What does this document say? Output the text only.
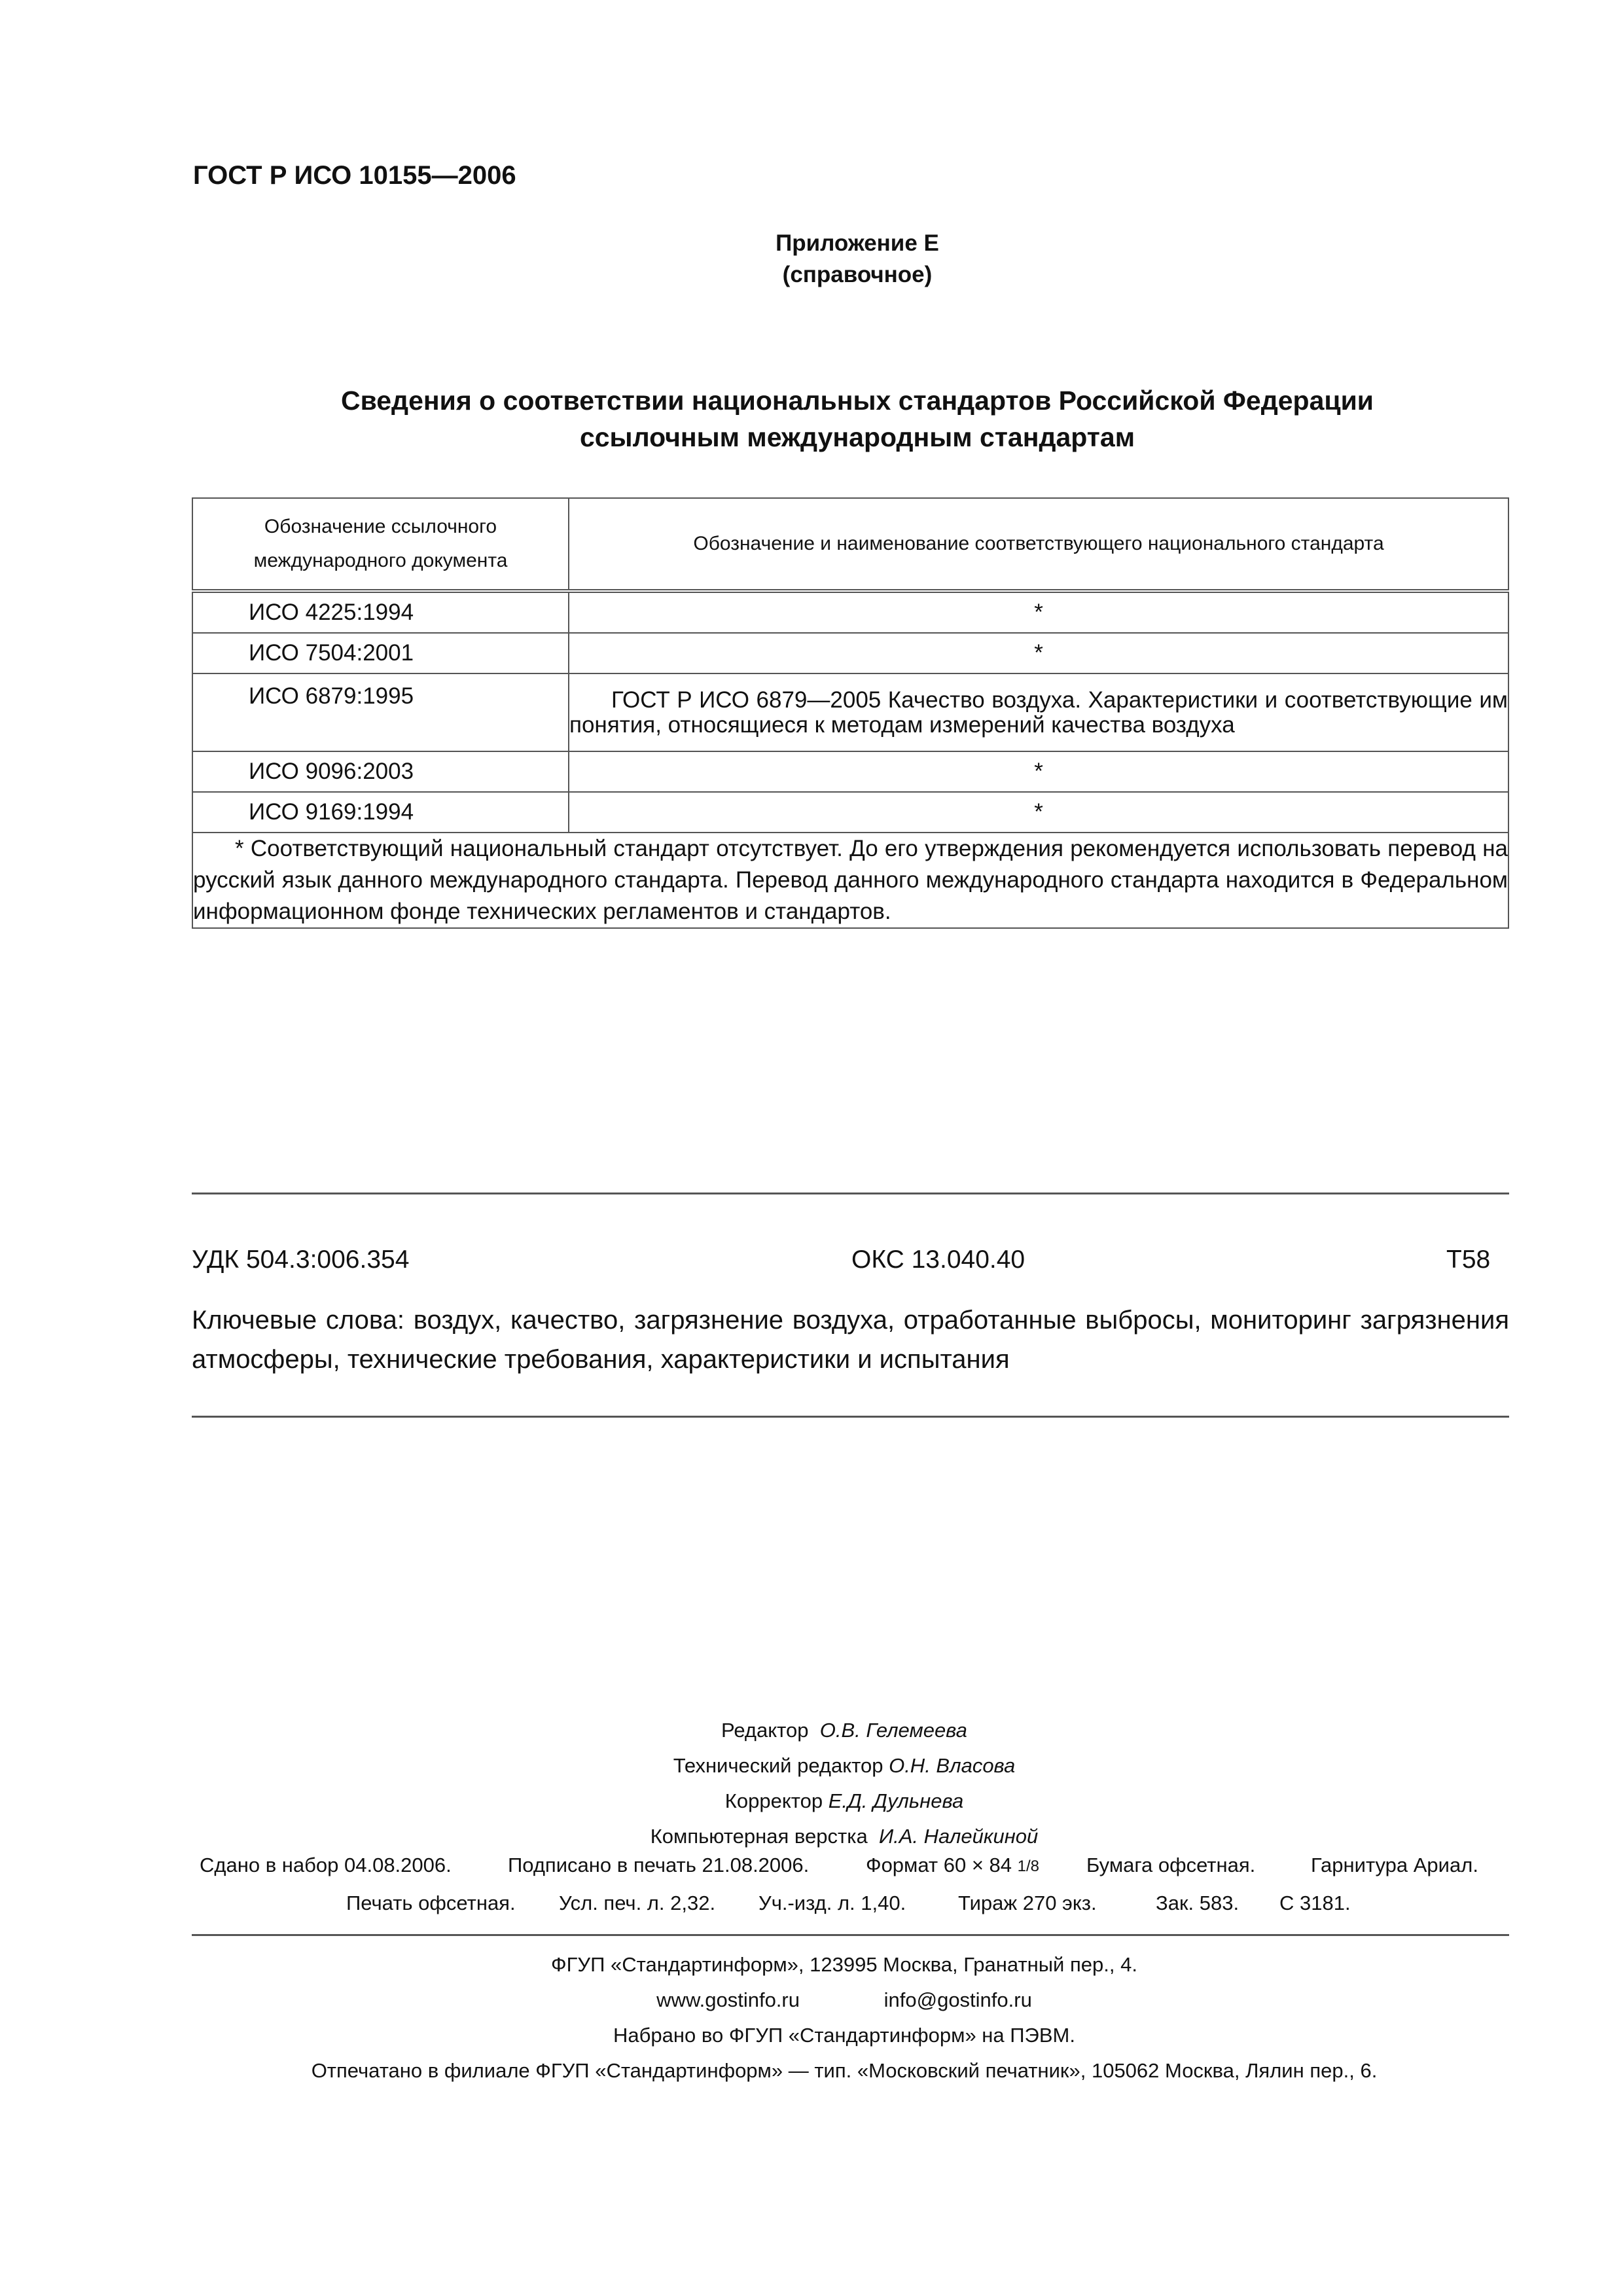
ГОСТ Р ИСО 10155—2006
Приложение Е
(справочное)
Сведения о соответствии национальных стандартов Российской Федерации
ссылочным международным стандартам
Обозначение ссылочного
международного документа	Обозначение и наименование соответствующего национального стандарта
ИСО 4225:1994	*
ИСО 7504:2001	*
ИСО 6879:1995	ГОСТ Р ИСО 6879—2005 Качество воздуха. Характеристики и соответствующие им понятия, относящиеся к методам измерений качества воздуха
ИСО 9096:2003	*
ИСО 9169:1994	*
* Соответствующий национальный стандарт отсутствует. До его утверждения рекомендуется использовать перевод на русский язык данного международного стандарта. Перевод данного международного стандарта находится в Федеральном информационном фонде технических регламентов и стандартов.	
УДК 504.3:006.354	ОКС 13.040.40	Т58
Ключевые слова: воздух, качество, загрязнение воздуха, отработанные выбросы, мониторинг загрязнения атмосферы, технические требования, характеристики и испытания
Редактор О.В. Гелемеева
Технический редактор О.Н. Власова
Корректор Е.Д. Дульнева
Компьютерная верстка И.А. Налейкиной
Сдано в набор 04.08.2006.	Подписано в печать 21.08.2006.	Формат 60 × 84 1/8 Бумага офсетная.	Гарнитура Ариал.
Печать офсетная. Усл. печ. л. 2,32. Уч.-изд. л. 1,40.	Тираж 270 экз.	Зак. 583. С 3181.
ФГУП «Стандартинформ», 123995 Москва, Гранатный пер., 4.
www.gostinfo.ru	info@gostinfo.ru
Набрано во ФГУП «Стандартинформ» на ПЭВМ.
Отпечатано в филиале ФГУП «Стандартинформ» — тип. «Московский печатник», 105062 Москва, Лялин пер., 6.
